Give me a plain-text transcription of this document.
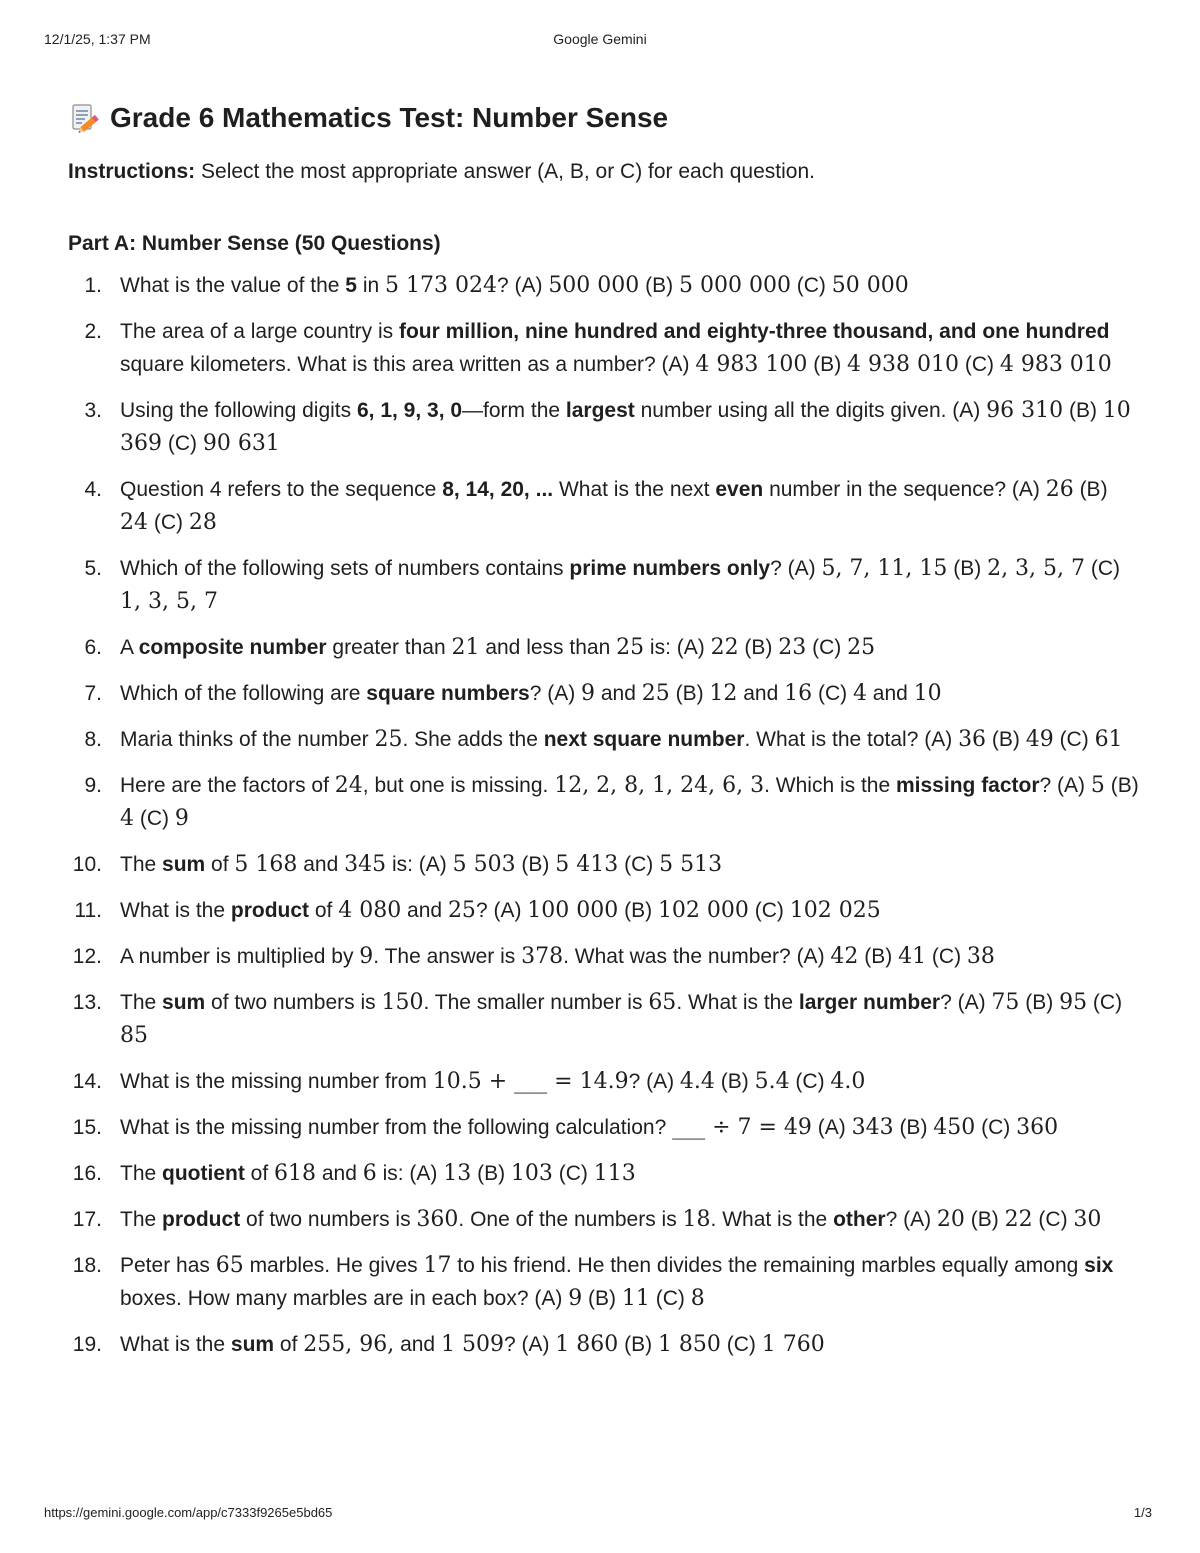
12/1/25, 1:37 PM	Google Gemini
Grade 6 Mathematics Test: Number Sense
Instructions: Select the most appropriate answer (A, B, or C) for each question.
Part A: Number Sense (50 Questions)
1. What is the value of the 5 in 5 173 024? (A) 500 000 (B) 5 000 000 (C) 50 000
2. The area of a large country is four million, nine hundred and eighty-three thousand, and one hundred square kilometers. What is this area written as a number? (A) 4 983 100 (B) 4 938 010 (C) 4 983 010
3. Using the following digits 6, 1, 9, 3, 0—form the largest number using all the digits given. (A) 96 310 (B) 10 369 (C) 90 631
4. Question 4 refers to the sequence 8, 14, 20, ... What is the next even number in the sequence? (A) 26 (B) 24 (C) 28
5. Which of the following sets of numbers contains prime numbers only? (A) 5, 7, 11, 15 (B) 2, 3, 5, 7 (C) 1, 3, 5, 7
6. A composite number greater than 21 and less than 25 is: (A) 22 (B) 23 (C) 25
7. Which of the following are square numbers? (A) 9 and 25 (B) 12 and 16 (C) 4 and 10
8. Maria thinks of the number 25. She adds the next square number. What is the total? (A) 36 (B) 49 (C) 61
9. Here are the factors of 24, but one is missing. 12, 2, 8, 1, 24, 6, 3. Which is the missing factor? (A) 5 (B) 4 (C) 9
10. The sum of 5 168 and 345 is: (A) 5 503 (B) 5 413 (C) 5 513
11. What is the product of 4 080 and 25? (A) 100 000 (B) 102 000 (C) 102 025
12. A number is multiplied by 9. The answer is 378. What was the number? (A) 42 (B) 41 (C) 38
13. The sum of two numbers is 150. The smaller number is 65. What is the larger number? (A) 75 (B) 95 (C) 85
14. What is the missing number from 10.5 + ___ = 14.9? (A) 4.4 (B) 5.4 (C) 4.0
15. What is the missing number from the following calculation? ___ ÷ 7 = 49 (A) 343 (B) 450 (C) 360
16. The quotient of 618 and 6 is: (A) 13 (B) 103 (C) 113
17. The product of two numbers is 360. One of the numbers is 18. What is the other? (A) 20 (B) 22 (C) 30
18. Peter has 65 marbles. He gives 17 to his friend. He then divides the remaining marbles equally among six boxes. How many marbles are in each box? (A) 9 (B) 11 (C) 8
19. What is the sum of 255, 96, and 1 509? (A) 1 860 (B) 1 850 (C) 1 760
https://gemini.google.com/app/c7333f9265e5bd65	1/3
